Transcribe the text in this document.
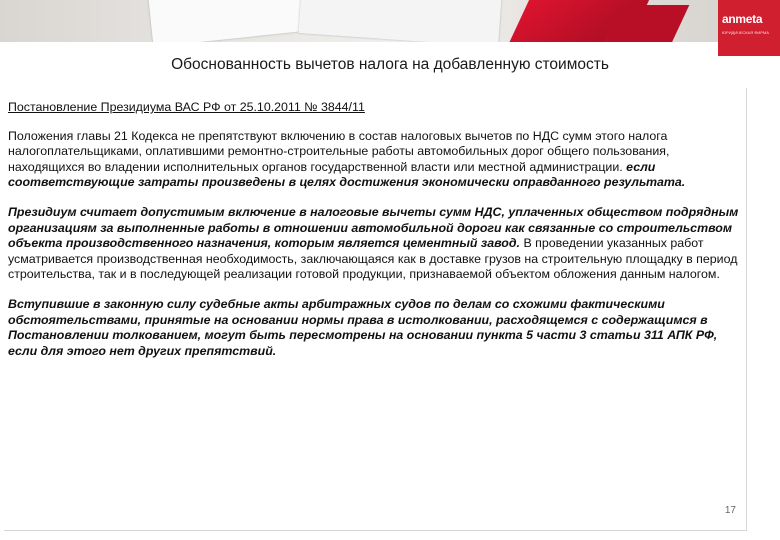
anmeta
ЮРИДИЧЕСКАЯ ФИРМА
Обоснованность вычетов налога на добавленную стоимость
Постановление Президиума ВАС РФ от 25.10.2011 № 3844/11

Положения главы 21 Кодекса не препятствуют включению в состав налоговых вычетов по НДС сумм этого налога налогоплательщиками, оплатившими ремонтно-строительные работы автомобильных дорог общего пользования, находящихся во владении исполнительных органов государственной власти или местной администрации. если соответствующие затраты произведены в целях достижения экономически оправданного результата.

Президиум считает допустимым включение в налоговые вычеты сумм НДС, уплаченных обществом подрядным организациям за выполненные работы в отношении автомобильной дороги как связанные со строительством объекта производственного назначения, которым является цементный завод. В проведении указанных работ усматривается производственная необходимость, заключающаяся как в доставке грузов на строительную площадку в период строительства, так и в последующей реализации готовой продукции, признаваемой объектом обложения данным налогом.

Вступившие в законную силу судебные акты арбитражных судов по делам со схожими фактическими обстоятельствами, принятые на основании нормы права в истолковании, расходящемся с содержащимся в Постановлении толкованием, могут быть пересмотрены на основании пункта 5 части 3 статьи 311 АПК РФ, если для этого нет других препятствий.

17
